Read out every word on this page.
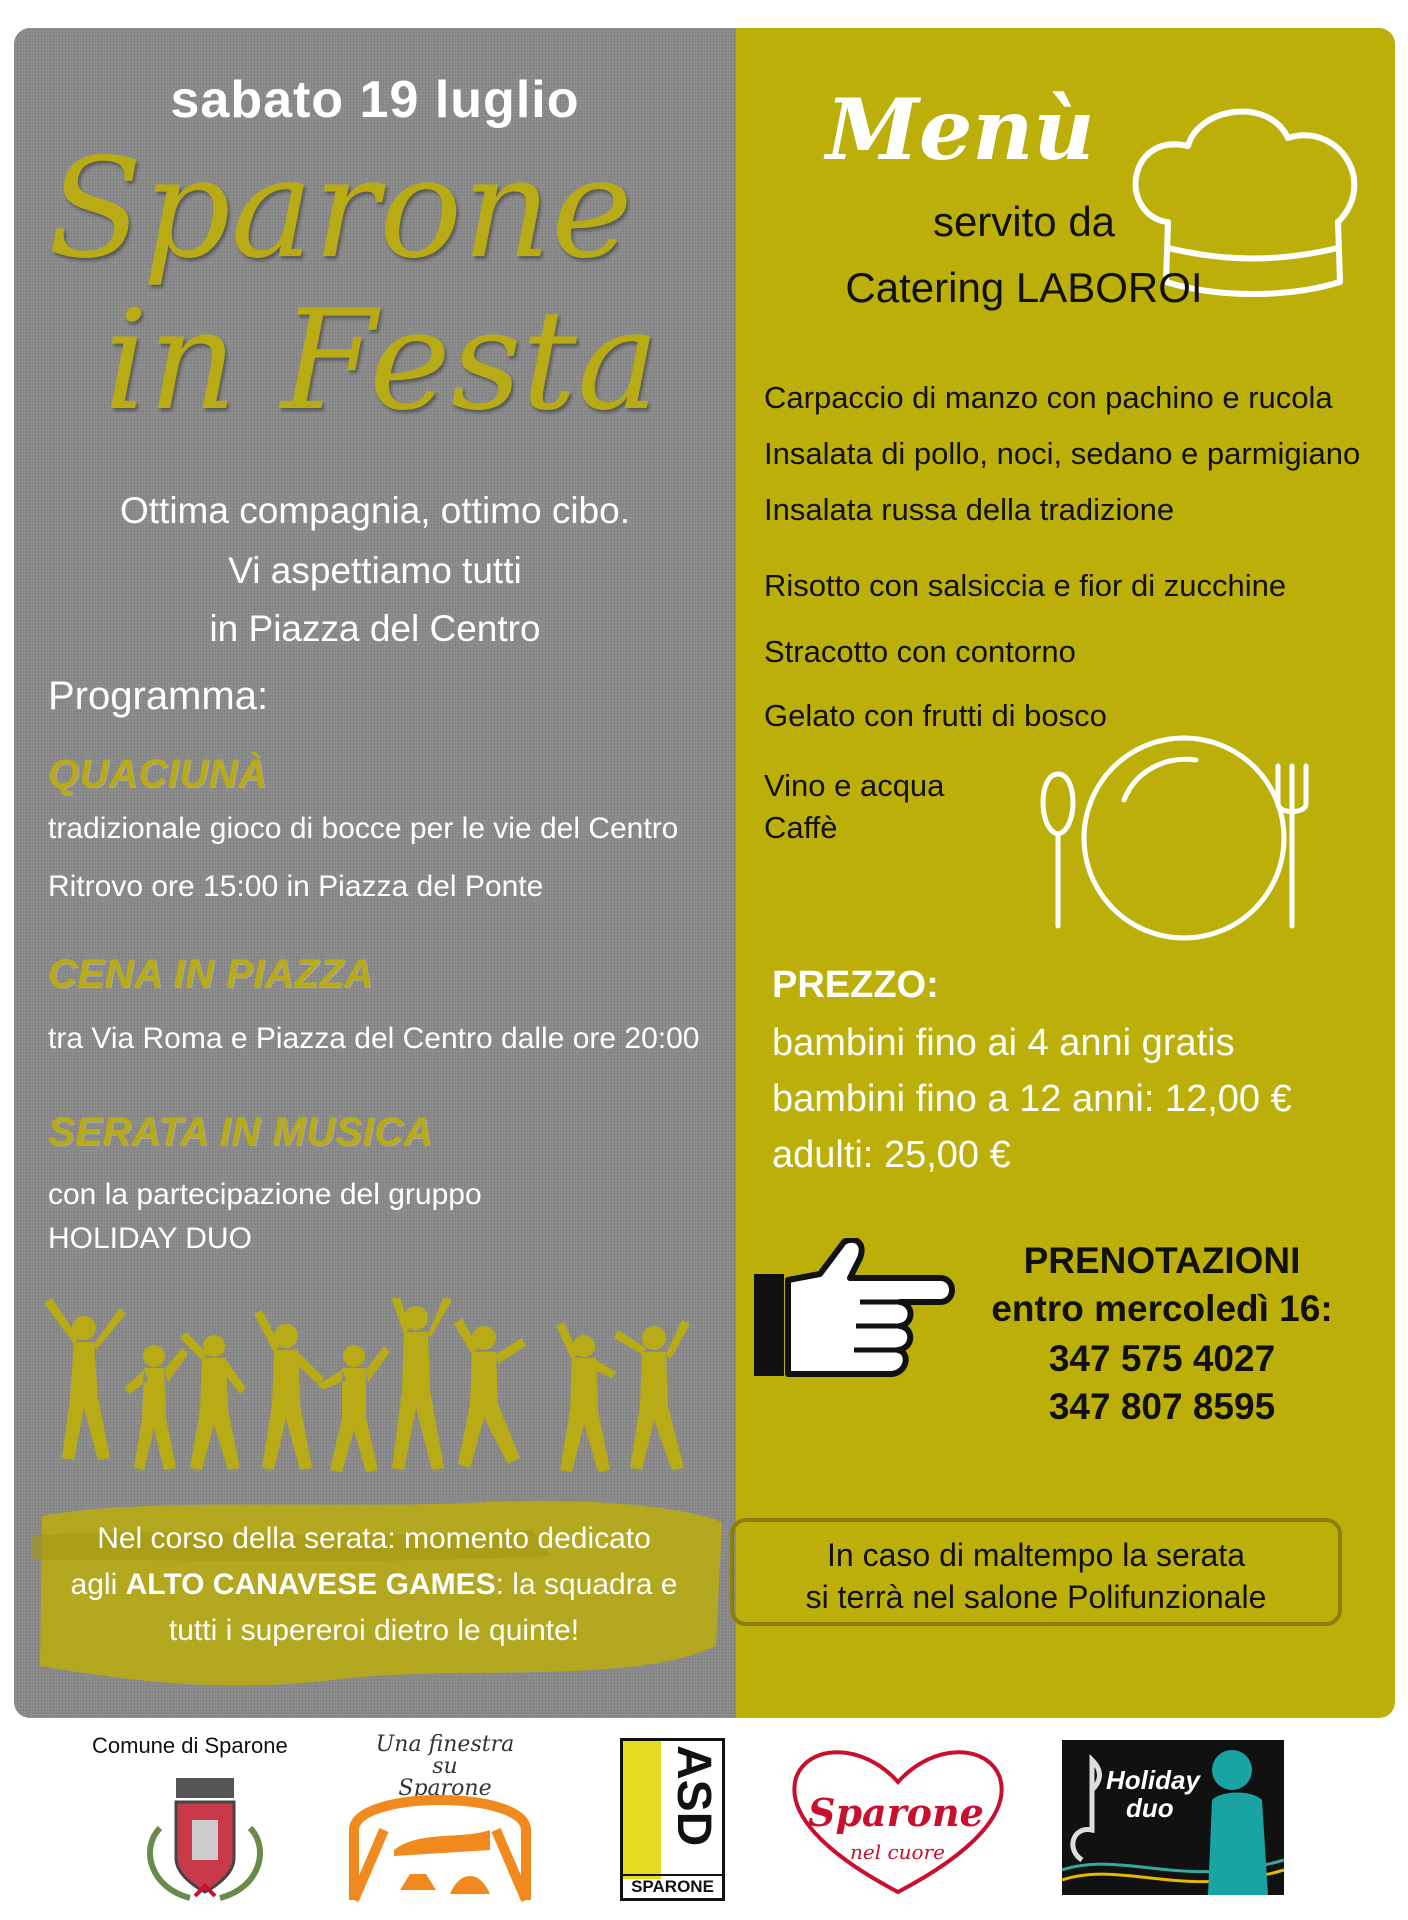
sabato 19 luglio
Sparone
in Festa
Ottima compagnia, ottimo cibo.
Vi aspettiamo tutti
in Piazza del Centro
Programma:
QUACIUNÀ
tradizionale gioco di bocce per le vie del Centro
Ritrovo ore 15:00 in Piazza del Ponte
CENA IN PIAZZA
tra Via Roma e Piazza del Centro dalle ore 20:00
SERATA IN MUSICA
con la partecipazione del gruppo
HOLIDAY DUO
Nel corso della serata: momento dedicato
agli ALTO CANAVESE GAMES: la squadra e
tutti i supereroi dietro le quinte!
Menù
servito da
Catering LABOROI
Carpaccio di manzo con pachino e rucola
Insalata di pollo, noci, sedano e parmigiano
Insalata russa della tradizione
Risotto con salsiccia e fior di zucchine
Stracotto con contorno
Gelato con frutti di bosco
Vino e acqua
Caffè
PREZZO:
bambini fino ai 4 anni gratis
bambini fino a 12 anni: 12,00 €
adulti: 25,00 €
PRENOTAZIONI
entro mercoledì 16:
347 575 4027
347 807 8595
In caso di maltempo la serata
si terrà nel salone Polifunzionale
Comune di Sparone	Una finestra su
Sparone	ASD
SPARONE
Sparone
nel cuore
Holiday
duo
